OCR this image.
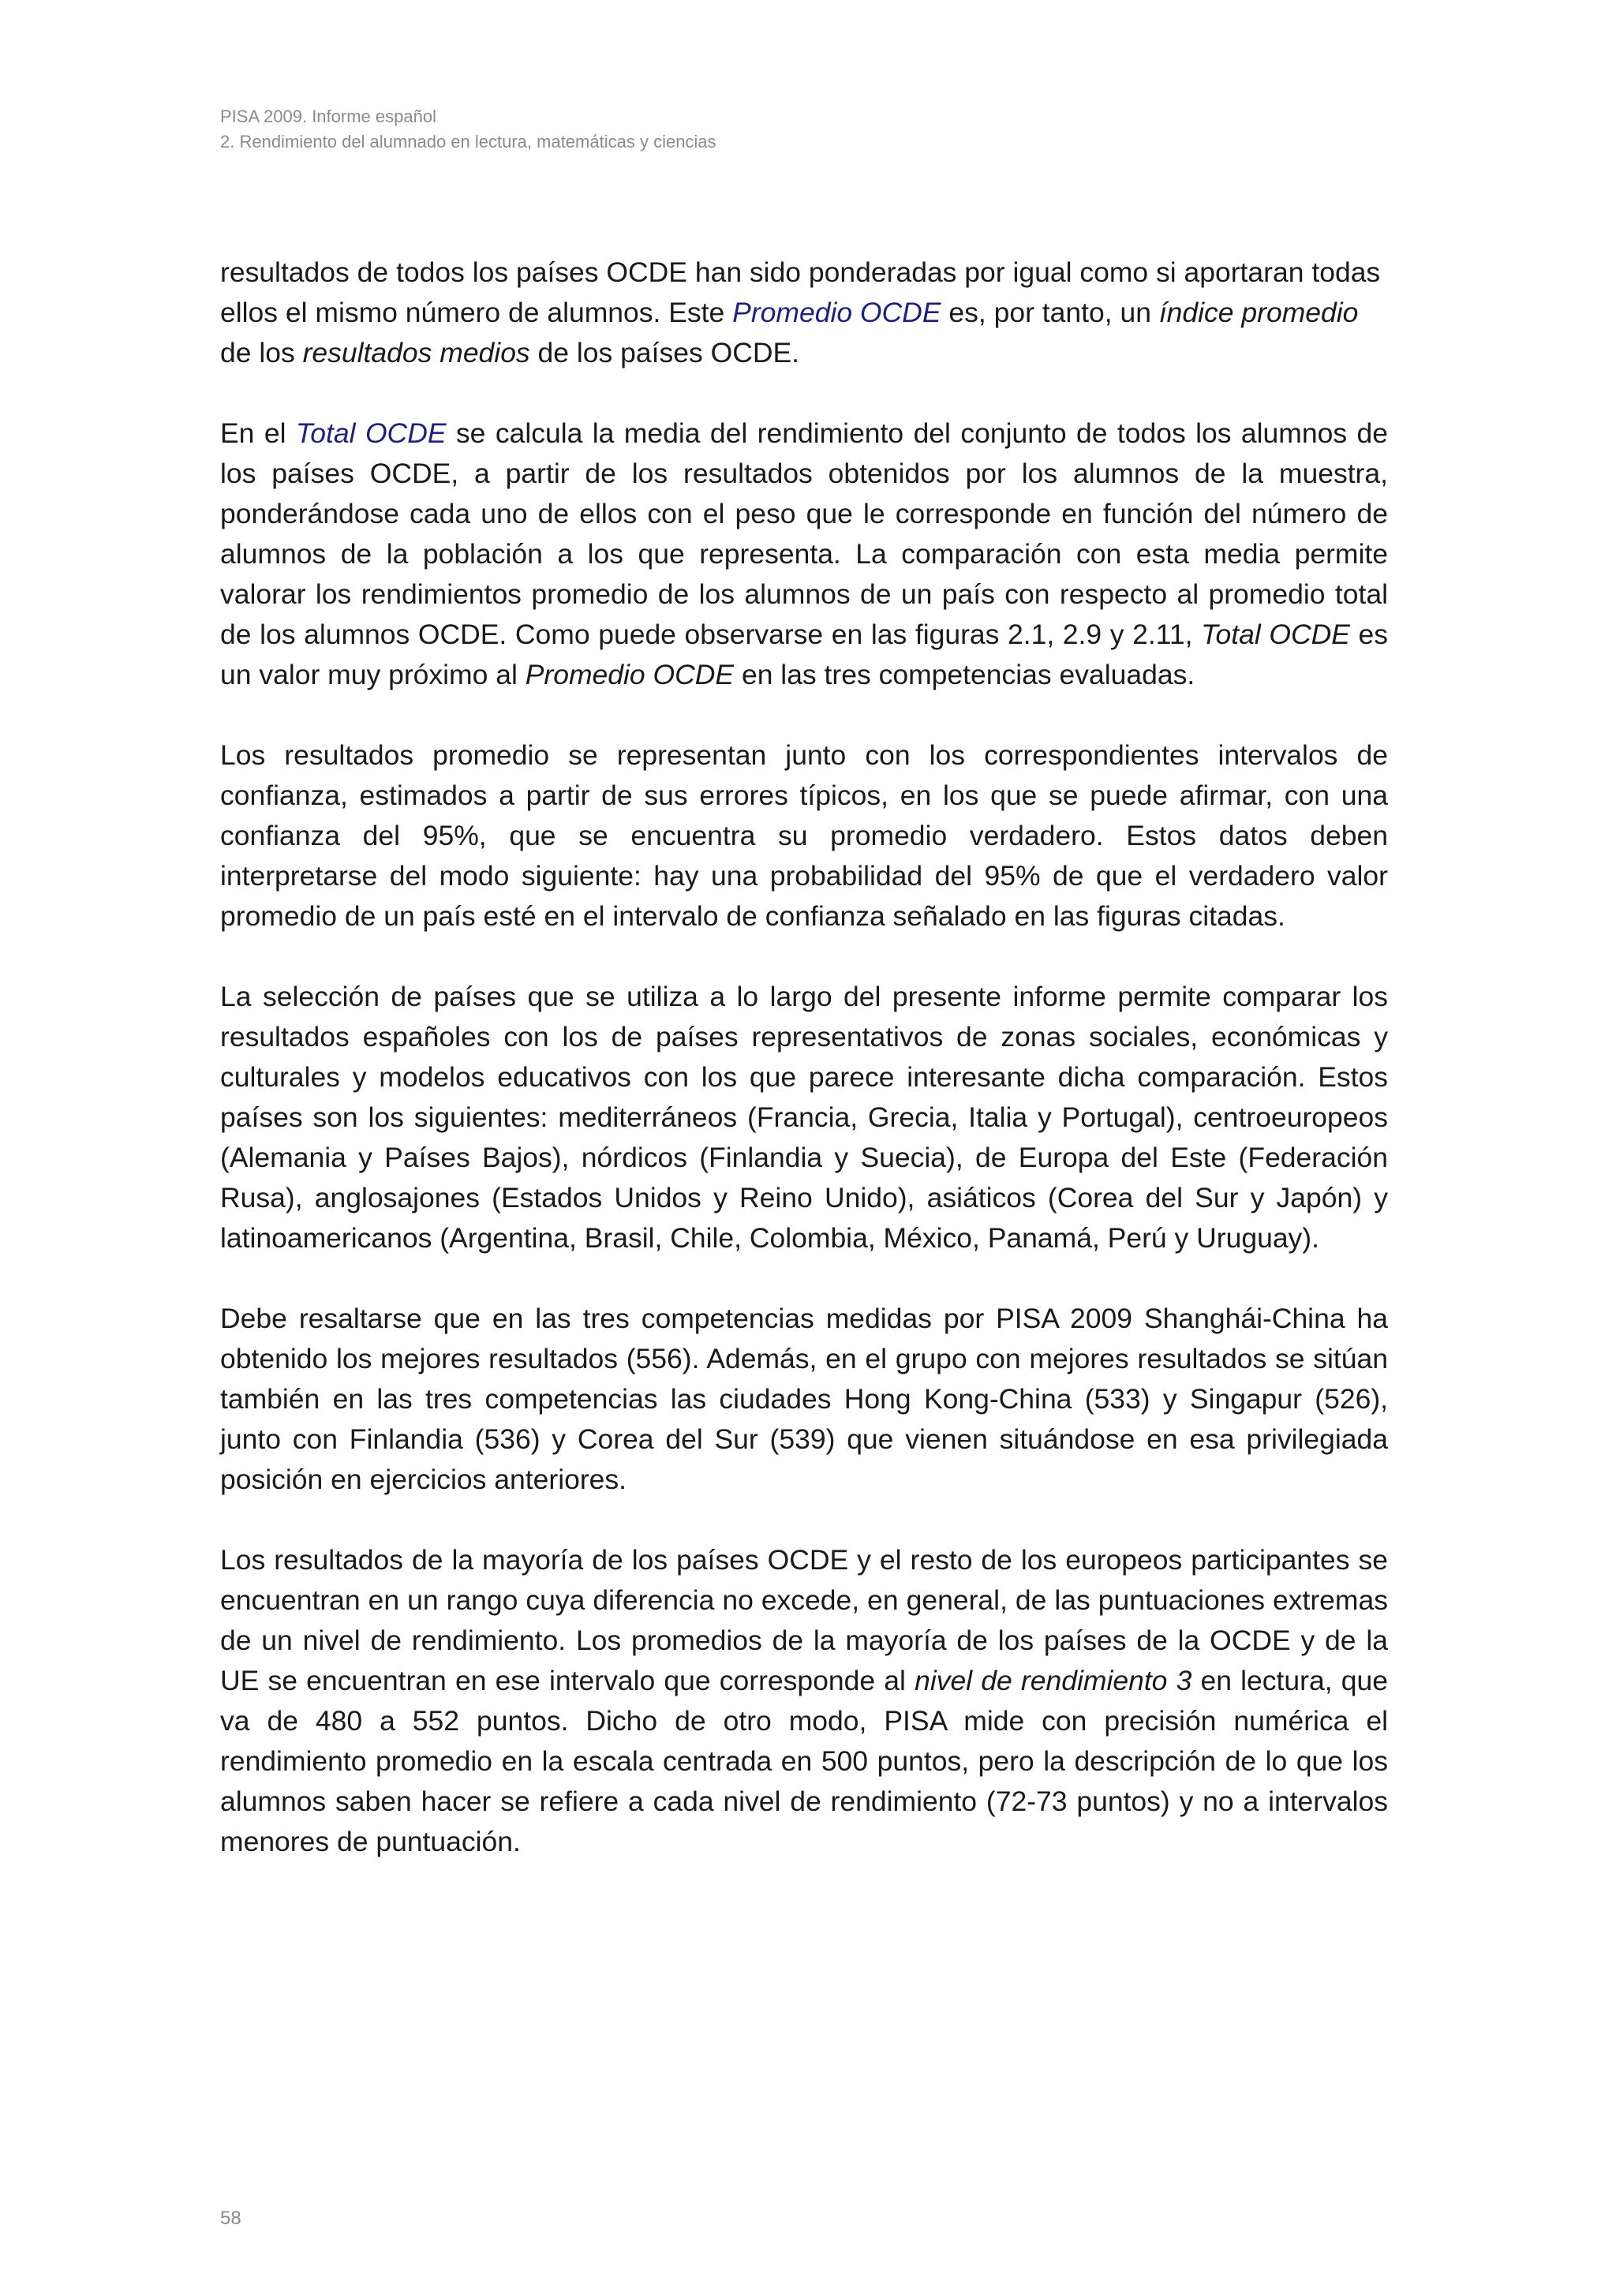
PISA 2009. Informe español
2. Rendimiento del alumnado en lectura, matemáticas y ciencias

resultados de todos los países OCDE han sido ponderadas por igual como si aportaran todas ellos el mismo número de alumnos. Este Promedio OCDE es, por tanto, un índice promedio de los resultados medios de los países OCDE.

En el Total OCDE se calcula la media del rendimiento del conjunto de todos los alumnos de los países OCDE, a partir de los resultados obtenidos por los alumnos de la muestra, ponderándose cada uno de ellos con el peso que le corresponde en función del número de alumnos de la población a los que representa. La comparación con esta media permite valorar los rendimientos promedio de los alumnos de un país con respecto al promedio total de los alumnos OCDE. Como puede observarse en las figuras 2.1, 2.9 y 2.11, Total OCDE es un valor muy próximo al Promedio OCDE en las tres competencias evaluadas.

Los resultados promedio se representan junto con los correspondientes intervalos de confianza, estimados a partir de sus errores típicos, en los que se puede afirmar, con una confianza del 95%, que se encuentra su promedio verdadero. Estos datos deben interpretarse del modo siguiente: hay una probabilidad del 95% de que el verdadero valor promedio de un país esté en el intervalo de confianza señalado en las figuras citadas.

La selección de países que se utiliza a lo largo del presente informe permite comparar los resultados españoles con los de países representativos de zonas sociales, económicas y culturales y modelos educativos con los que parece interesante dicha comparación. Estos países son los siguientes: mediterráneos (Francia, Grecia, Italia y Portugal), centroeuropeos (Alemania y Países Bajos), nórdicos (Finlandia y Suecia), de Europa del Este (Federación Rusa), anglosajones (Estados Unidos y Reino Unido), asiáticos (Corea del Sur y Japón) y latinoamericanos (Argentina, Brasil, Chile, Colombia, México, Panamá, Perú y Uruguay).

Debe resaltarse que en las tres competencias medidas por PISA 2009 Shanghái-China ha obtenido los mejores resultados (556). Además, en el grupo con mejores resultados se sitúan también en las tres competencias las ciudades Hong Kong-China (533) y Singapur (526), junto con Finlandia (536) y Corea del Sur (539) que vienen situándose en esa privilegiada posición en ejercicios anteriores.

Los resultados de la mayoría de los países OCDE y el resto de los europeos participantes se encuentran en un rango cuya diferencia no excede, en general, de las puntuaciones extremas de un nivel de rendimiento. Los promedios de la mayoría de los países de la OCDE y de la UE se encuentran en ese intervalo que corresponde al nivel de rendimiento 3 en lectura, que va de 480 a 552 puntos. Dicho de otro modo, PISA mide con precisión numérica el rendimiento promedio en la escala centrada en 500 puntos, pero la descripción de lo que los alumnos saben hacer se refiere a cada nivel de rendimiento (72-73 puntos) y no a intervalos menores de puntuación.

58
